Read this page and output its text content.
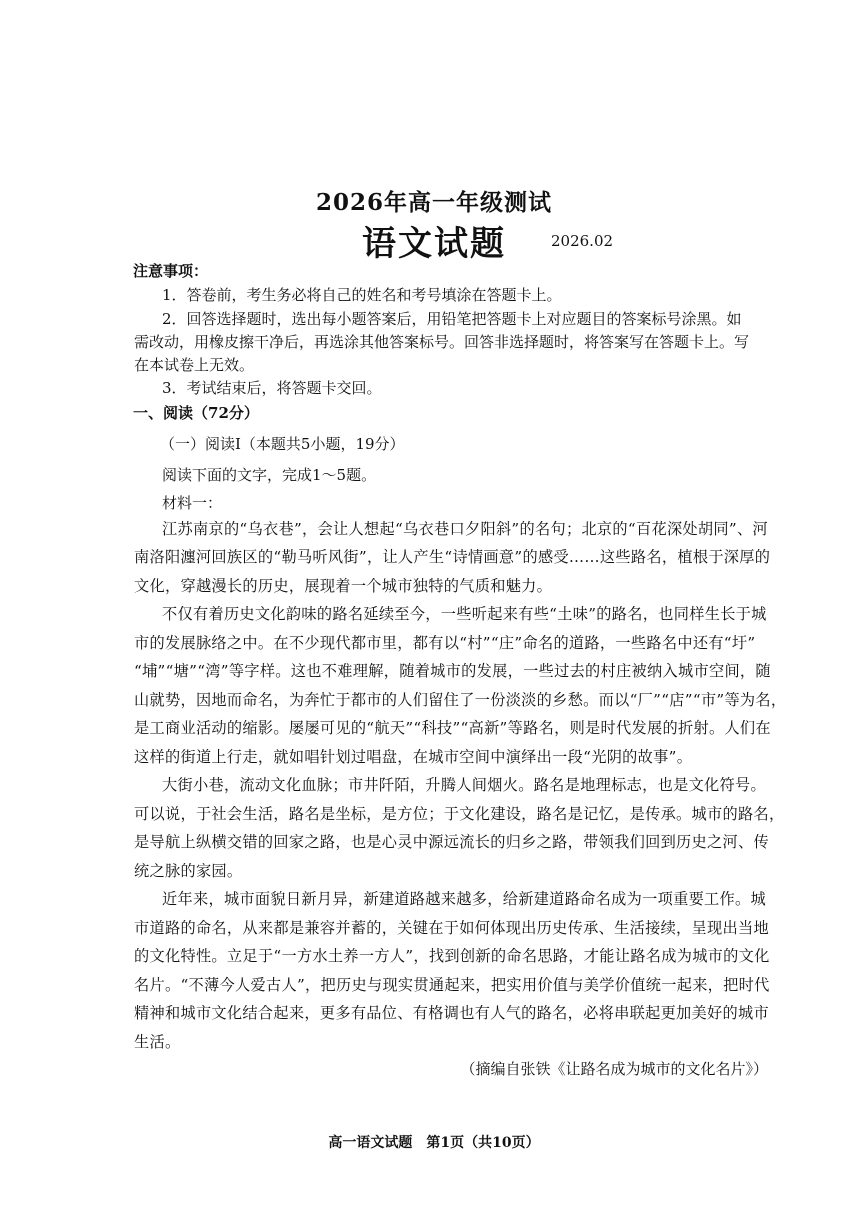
2026年高一年级测试
语文试题	2026.02
注意事项：
1．答卷前，考生务必将自己的姓名和考号填涂在答题卡上。
2．回答选择题时，选出每小题答案后，用铅笔把答题卡上对应题目的答案标号涂黑。如
需改动，用橡皮擦干净后，再选涂其他答案标号。回答非选择题时，将答案写在答题卡上。写
在本试卷上无效。
3．考试结束后，将答题卡交回。
一、阅读（72分）
（一）阅读I（本题共5小题，19分）
阅读下面的文字，完成1～5题。
材料一：
江苏南京的“乌衣巷”，会让人想起“乌衣巷口夕阳斜”的名句；北京的“百花深处胡同”、河
南洛阳瀍河回族区的“勒马听风街”，让人产生“诗情画意”的感受……这些路名，植根于深厚的
文化，穿越漫长的历史，展现着一个城市独特的气质和魅力。
不仅有着历史文化韵味的路名延续至今，一些听起来有些“土味”的路名，也同样生长于城
市的发展脉络之中。在不少现代都市里，都有以“村”“庄”命名的道路，一些路名中还有“圩”
“埔”“塘”“湾”等字样。这也不难理解，随着城市的发展，一些过去的村庄被纳入城市空间，随
山就势，因地而命名，为奔忙于都市的人们留住了一份淡淡的乡愁。而以“厂”“店”“市”等为名，
是工商业活动的缩影。屡屡可见的“航天”“科技”“高新”等路名，则是时代发展的折射。人们在
这样的街道上行走，就如唱针划过唱盘，在城市空间中演绎出一段“光阴的故事”。
大街小巷，流动文化血脉；市井阡陌，升腾人间烟火。路名是地理标志，也是文化符号。
可以说，于社会生活，路名是坐标，是方位；于文化建设，路名是记忆，是传承。城市的路名，
是导航上纵横交错的回家之路，也是心灵中源远流长的归乡之路，带领我们回到历史之河、传
统之脉的家园。
近年来，城市面貌日新月异，新建道路越来越多，给新建道路命名成为一项重要工作。城
市道路的命名，从来都是兼容并蓄的，关键在于如何体现出历史传承、生活接续，呈现出当地
的文化特性。立足于“一方水土养一方人”，找到创新的命名思路，才能让路名成为城市的文化
名片。“不薄今人爱古人”，把历史与现实贯通起来，把实用价值与美学价值统一起来，把时代
精神和城市文化结合起来，更多有品位、有格调也有人气的路名，必将串联起更加美好的城市
生活。
（摘编自张铁《让路名成为城市的文化名片》）
高一语文试题　第1页（共10页）
